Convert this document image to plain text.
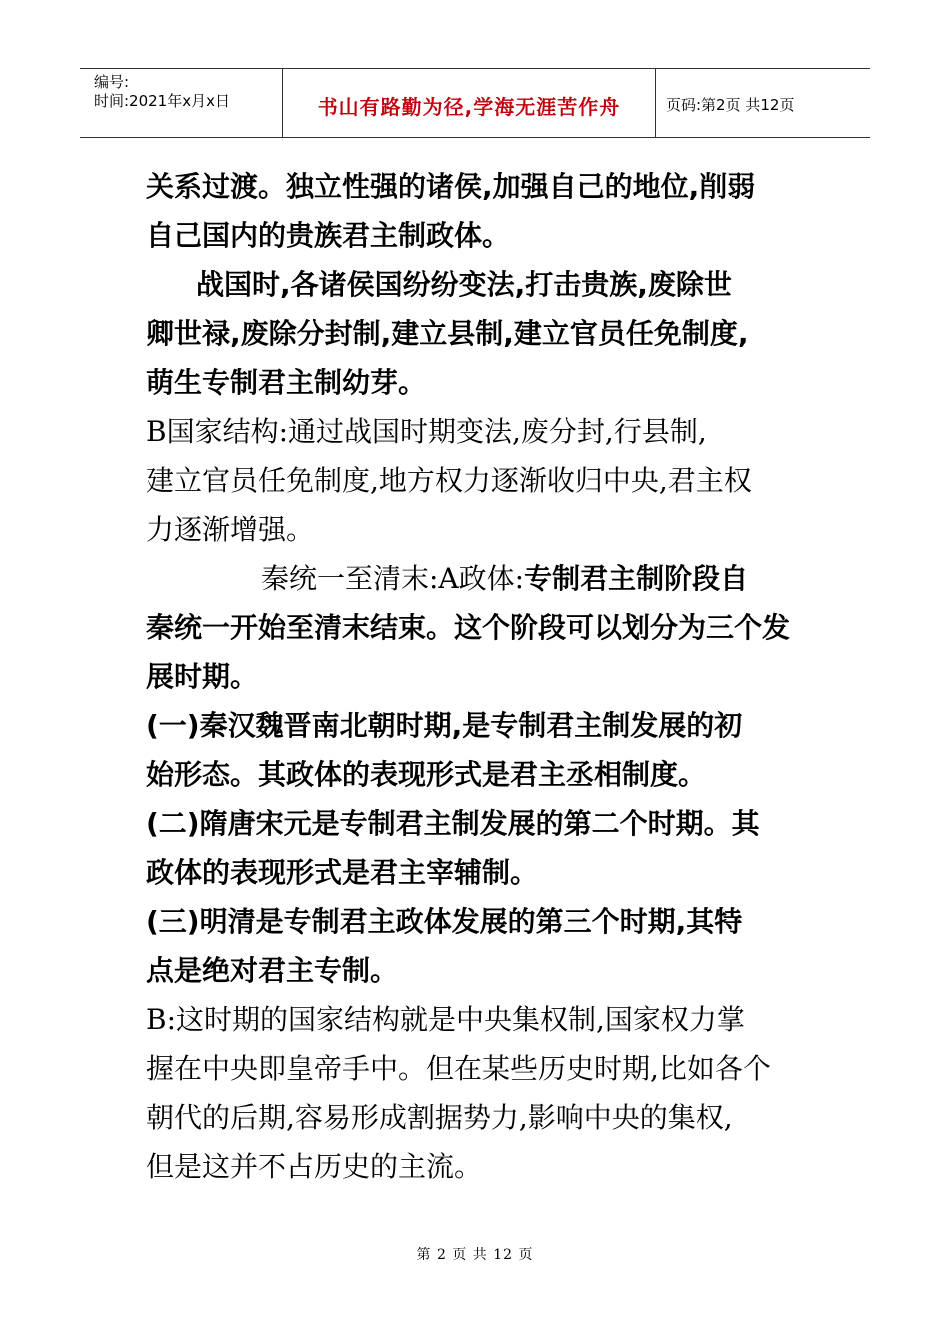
编号:
时间:2021年x月x日	书山有路勤为径,学海无涯苦作舟	页码:第2页 共12页
关系过渡。独立性强的诸侯,加强自己的地位,削弱
自己国内的贵族君主制政体。
战国时,各诸侯国纷纷变法,打击贵族,废除世
卿世禄,废除分封制,建立县制,建立官员任免制度,
萌生专制君主制幼芽。
B国家结构:通过战国时期变法,废分封,行县制,
建立官员任免制度,地方权力逐渐收归中央,君主权
力逐渐增强。
秦统一至清末:A政体:专制君主制阶段自
秦统一开始至清末结束。这个阶段可以划分为三个发
展时期。
(一)秦汉魏晋南北朝时期,是专制君主制发展的初
始形态。其政体的表现形式是君主丞相制度。
(二)隋唐宋元是专制君主制发展的第二个时期。其
政体的表现形式是君主宰辅制。
(三)明清是专制君主政体发展的第三个时期,其特
点是绝对君主专制。
B:这时期的国家结构就是中央集权制,国家权力掌
握在中央即皇帝手中。但在某些历史时期,比如各个
朝代的后期,容易形成割据势力,影响中央的集权,
但是这并不占历史的主流。
第 2 页 共 12 页
